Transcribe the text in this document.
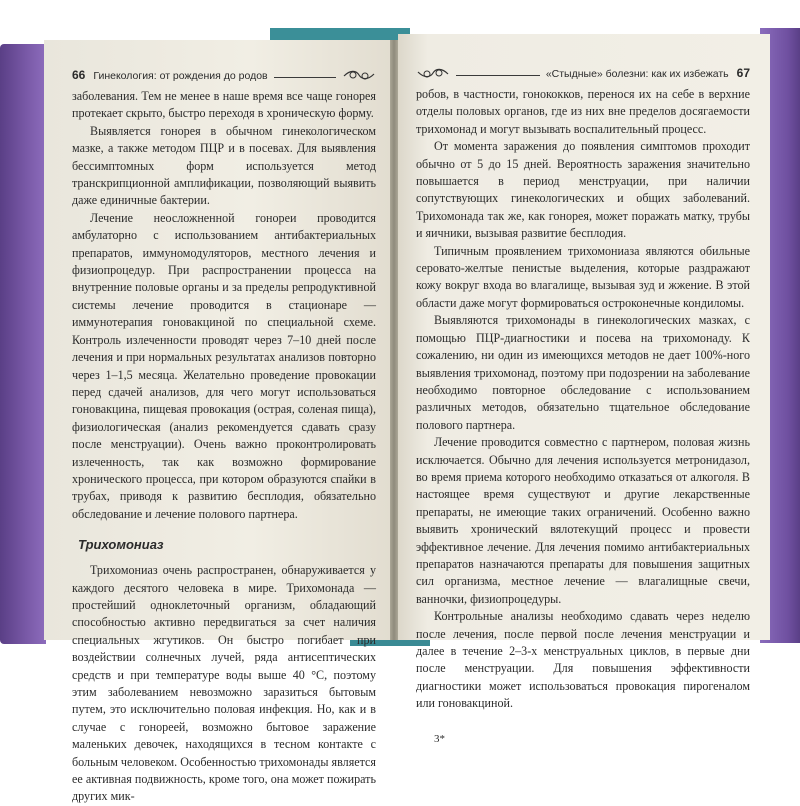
66 Гинекология: от рождения до родов

заболевания. Тем не менее в наше время все чаще гонорея протекает скрыто, быстро переходя в хроническую форму.

Выявляется гонорея в обычном гинекологическом мазке, а также методом ПЦР и в посевах. Для выявления бессимптомных форм используется метод транскрипционной амплификации, позволяющий выявить даже единичные бактерии.

Лечение неосложненной гонореи проводится амбулаторно с использованием антибактериальных препаратов, иммуномодуляторов, местного лечения и физиопроцедур. При распространении процесса на внутренние половые органы и за пределы репродуктивной системы лечение проводится в стационаре — иммунотерапия гоновакциной по специальной схеме. Контроль излеченности проводят через 7–10 дней после лечения и при нормальных результатах анализов повторно через 1–1,5 месяца. Желательно проведение провокации перед сдачей анализов, для чего могут использоваться гоновакцина, пищевая провокация (острая, соленая пища), физиологическая (анализ рекомендуется сдавать сразу после менструации). Очень важно проконтролировать излеченность, так как возможно формирование хронического процесса, при котором образуются спайки в трубах, приводя к развитию бесплодия, обязательно обследование и лечение полового партнера.

Трихомониаз

Трихомониаз очень распространен, обнаруживается у каждого десятого человека в мире. Трихомонада — простейший одноклеточный организм, обладающий способностью активно передвигаться за счет наличия специальных жгутиков. Он быстро погибает при воздействии солнечных лучей, ряда антисептических средств и при температуре воды выше 40 °С, поэтому этим заболеванием невозможно заразиться бытовым путем, это исключительно половая инфекция. Но, как и в случае с гонореей, возможно бытовое заражение маленьких девочек, находящихся в тесном контакте с больным человеком. Особенностью трихомонады является ее активная подвижность, кроме того, она может пожирать других мик-

«Стыдные» болезни: как их избежать 67

робов, в частности, гонококков, перенося их на себе в верхние отделы половых органов, где из них вне пределов досягаемости трихомонад и могут вызывать воспалительный процесс.

От момента заражения до появления симптомов проходит обычно от 5 до 15 дней. Вероятность заражения значительно повышается в период менструации, при наличии сопутствующих гинекологических и общих заболеваний. Трихомонада так же, как гонорея, может поражать матку, трубы и яичники, вызывая развитие бесплодия.

Типичным проявлением трихомониаза являются обильные серовато-желтые пенистые выделения, которые раздражают кожу вокруг входа во влагалище, вызывая зуд и жжение. В этой области даже могут формироваться остроконечные кондиломы.

Выявляются трихомонады в гинекологических мазках, с помощью ПЦР-диагностики и посева на трихомонаду. К сожалению, ни один из имеющихся методов не дает 100%-ного выявления трихомонад, поэтому при подозрении на заболевание необходимо повторное обследование с использованием различных методов, обязательно тщательное обследование полового партнера.

Лечение проводится совместно с партнером, половая жизнь исключается. Обычно для лечения используется метронидазол, во время приема которого необходимо отказаться от алкоголя. В настоящее время существуют и другие лекарственные препараты, не имеющие таких ограничений. Особенно важно выявить хронический вялотекущий процесс и провести эффективное лечение. Для лечения помимо антибактериальных препаратов назначаются препараты для повышения защитных сил организма, местное лечение — влагалищные свечи, ванночки, физиопроцедуры.

Контрольные анализы необходимо сдавать через неделю после лечения, после первой после лечения менструации и далее в течение 2–3-х менструальных циклов, в первые дни после менструации. Для повышения эффективности диагностики может использоваться провокация пирогеналом или гоновакциной.

3*
